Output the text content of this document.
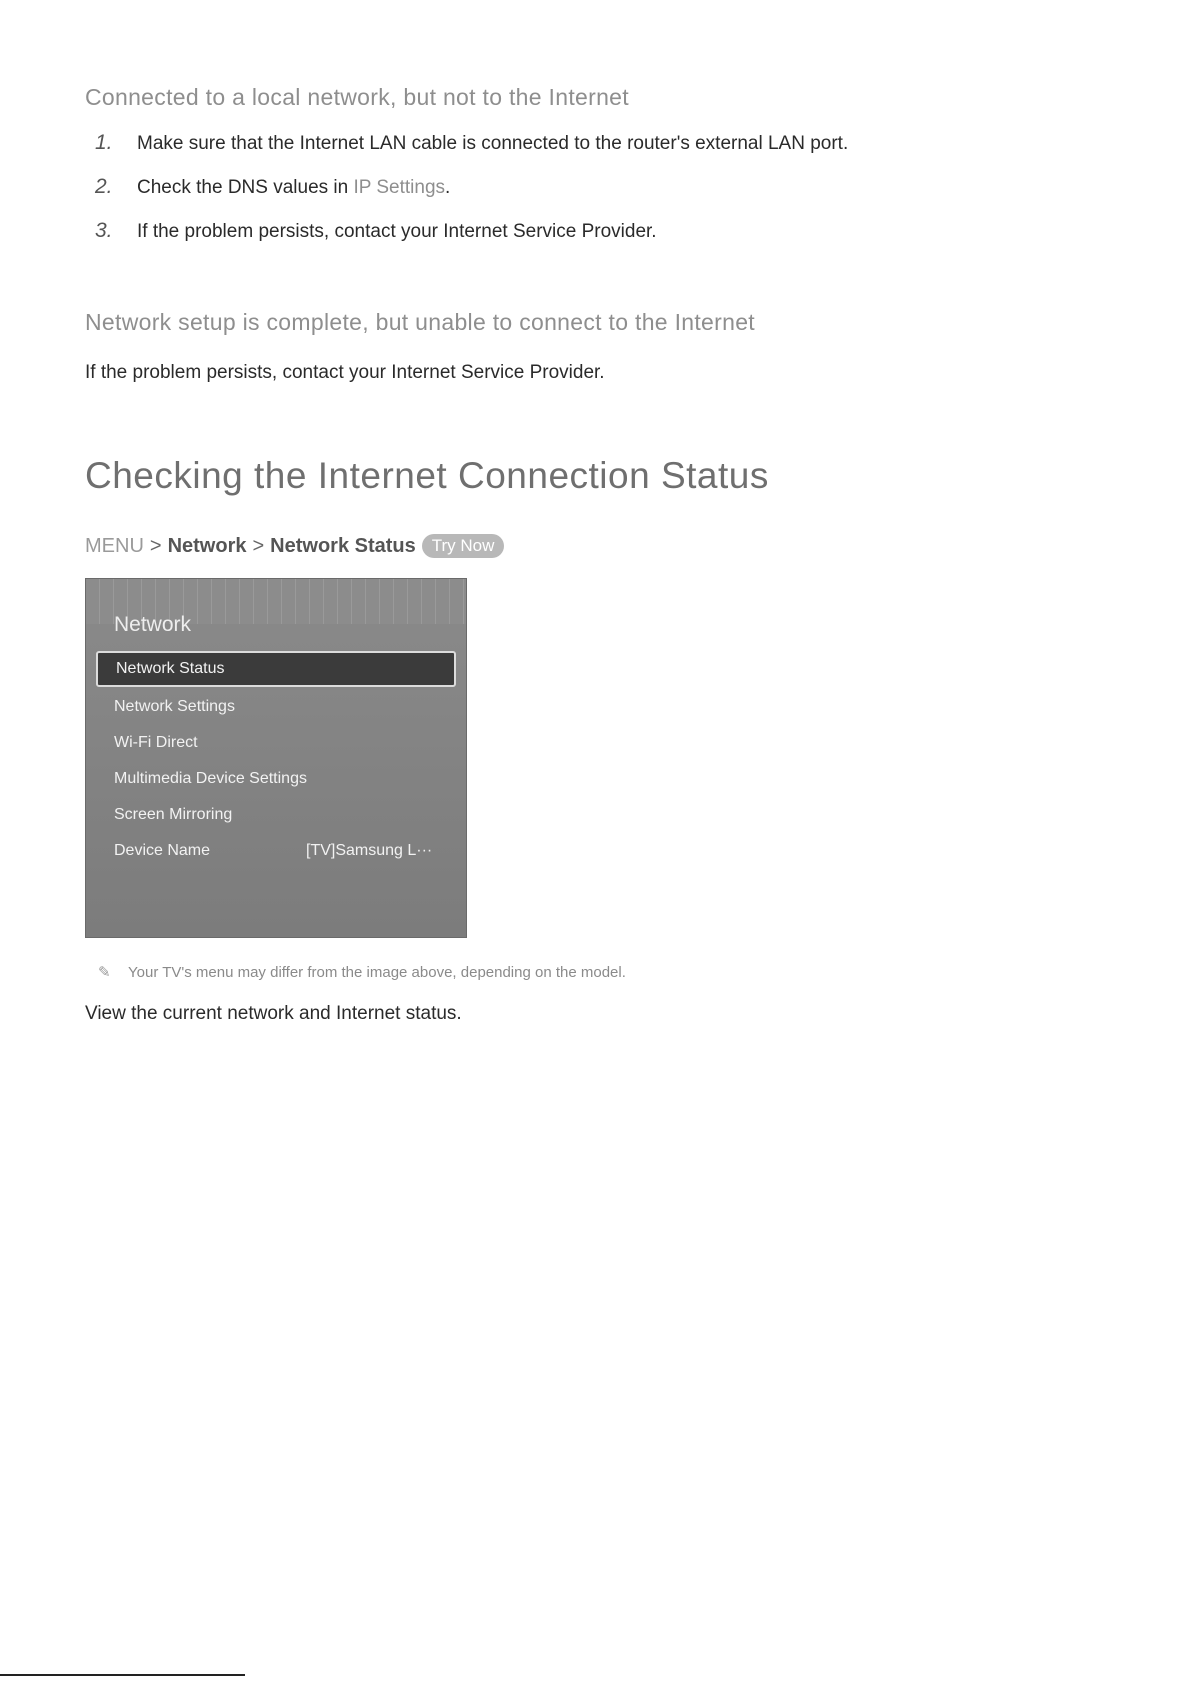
Connected to a local network, but not to the Internet
1. Make sure that the Internet LAN cable is connected to the router's external LAN port.
2. Check the DNS values in IP Settings.
3. If the problem persists, contact your Internet Service Provider.
Network setup is complete, but unable to connect to the Internet
If the problem persists, contact your Internet Service Provider.
Checking the Internet Connection Status
MENU > Network > Network Status Try Now
Network
Network Status
Network Settings
Wi-Fi Direct
Multimedia Device Settings
Screen Mirroring
Device Name	[TV]Samsung L···
✎ Your TV's menu may differ from the image above, depending on the model.
View the current network and Internet status.
